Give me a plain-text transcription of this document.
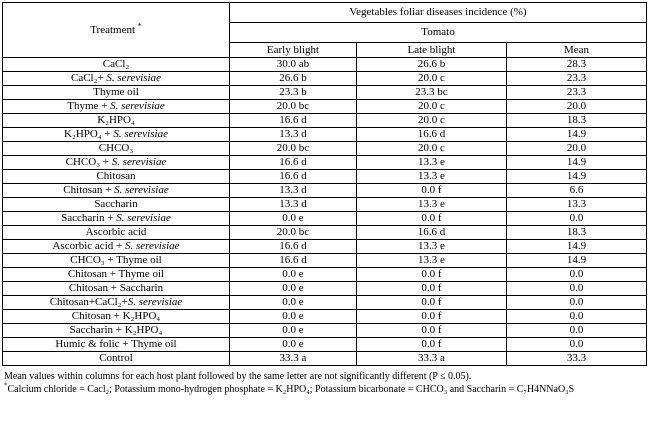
Treatment *	Vegetables foliar diseases incidence (%)		
	Tomato		
	Early blight	Late blight	Mean
CaCl₂	30.0 ab	26.6 b	28.3
CaCl₂+ S. serevisiae	26.6 b	20.0 c	23.3
Thyme oil	23.3 b	23.3 bc	23.3
Thyme + S. serevisiae	20.0 bc	20.0 c	20.0
K₂HPO₄	16.6 d	20.0 c	18.3
K₂HPO₄ + S. serevisiae	13.3 d	16.6 d	14.9
CHCO₃	20.0 bc	20.0 c	20.0
CHCO₃ + S. serevisiae	16.6 d	13.3 e	14.9
Chitosan	16.6 d	13.3 e	14.9
Chitosan + S. serevisiae	13.3 d	0.0 f	6.6
Saccharin	13.3 d	13.3 e	13.3
Saccharin + S. serevisiae	0.0 e	0.0 f	0.0
Ascorbic acid	20.0 bc	16.6 d	18.3
Ascorbic acid + S. serevisiae	16.6 d	13.3 e	14.9
CHCO₃ + Thyme oil	16.6 d	13.3 e	14.9
Chitosan + Thyme oil	0.0 e	0.0 f	0.0
Chitosan + Saccharin	0.0 e	0.0 f	0.0
Chitosan+CaCl₂+S. serevisiae	0.0 e	0.0 f	0.0
Chitosan + K₂HPO₄	0.0 e	0.0 f	0.0
Saccharin + K₂HPO₄	0.0 e	0.0 f	0.0
Humic & folic + Thyme oil	0.0 e	0.0 f	0.0
Control	33.3 a	33.3 a	33.3
Mean values within columns for each host plant followed by the same letter are not significantly different (P ≤ 0.05).
*Calcium chloride = Cacl₂; Potassium mono-hydrogen phosphate = K₂HPO₄; Potassium bicarbonate = CHCO₃ and Saccharin = C₇H4NNaO₃S
